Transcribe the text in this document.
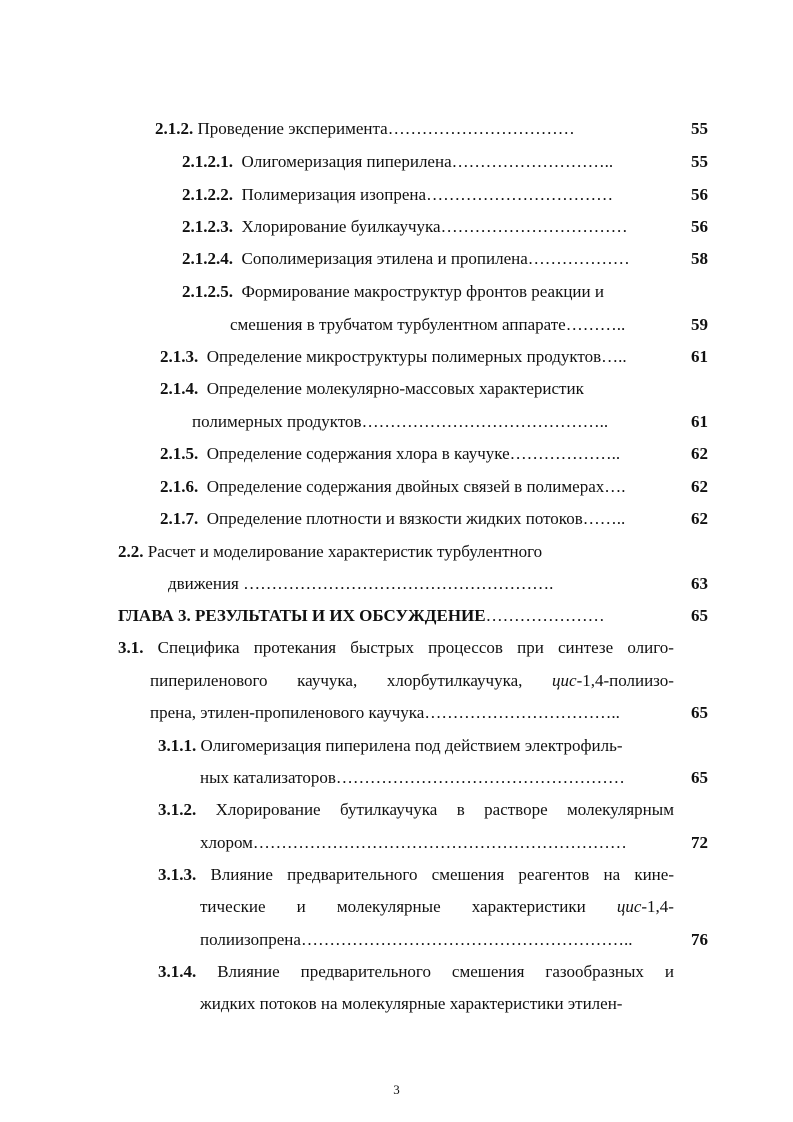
2.1.2. Проведение эксперимента……………………………	55
2.1.2.1. Олигомеризация пиперилена………………………..	55
2.1.2.2. Полимеризация изопрена……………………………	56
2.1.2.3. Хлорирование буилкаучука……………………………	56
2.1.2.4. Сополимеризация этилена и пропилена………………	58
2.1.2.5. Формирование макроструктур фронтов реакции и
смешения в трубчатом турбулентном аппарате………..	59
2.1.3. Определение микроструктуры полимерных продуктов…..	61
2.1.4. Определение молекулярно-массовых характеристик
полимерных продуктов……………………………………..	61
2.1.5. Определение содержания хлора в каучуке………………..	62
2.1.6. Определение содержания двойных связей в полимерах….	62
2.1.7. Определение плотности и вязкости жидких потоков……..	62
2.2. Расчет и моделирование характеристик турбулентного
движения ……………………………………………….	63
ГЛАВА 3. РЕЗУЛЬТАТЫ И ИХ ОБСУЖДЕНИЕ…………………	65
3.1. Специфика протекания быстрых процессов при синтезе олиго-
пипериленового каучука, хлорбутилкаучука, цис-1,4-полиизо-
прена, этилен-пропиленового каучука……………………………..	65
3.1.1. Олигомеризация пиперилена под действием электрофиль-
ных катализаторов……………………………………………	65
3.1.2. Хлорирование бутилкаучука в растворе молекулярным
хлором…………………………………………………………	72
3.1.3. Влияние предварительного смешения реагентов на кине-
тические и молекулярные характеристики цис-1,4-
полиизопрена…………………………………………………..	76
3.1.4. Влияние предварительного смешения газообразных и
жидких потоков на молекулярные характеристики этилен-
3
